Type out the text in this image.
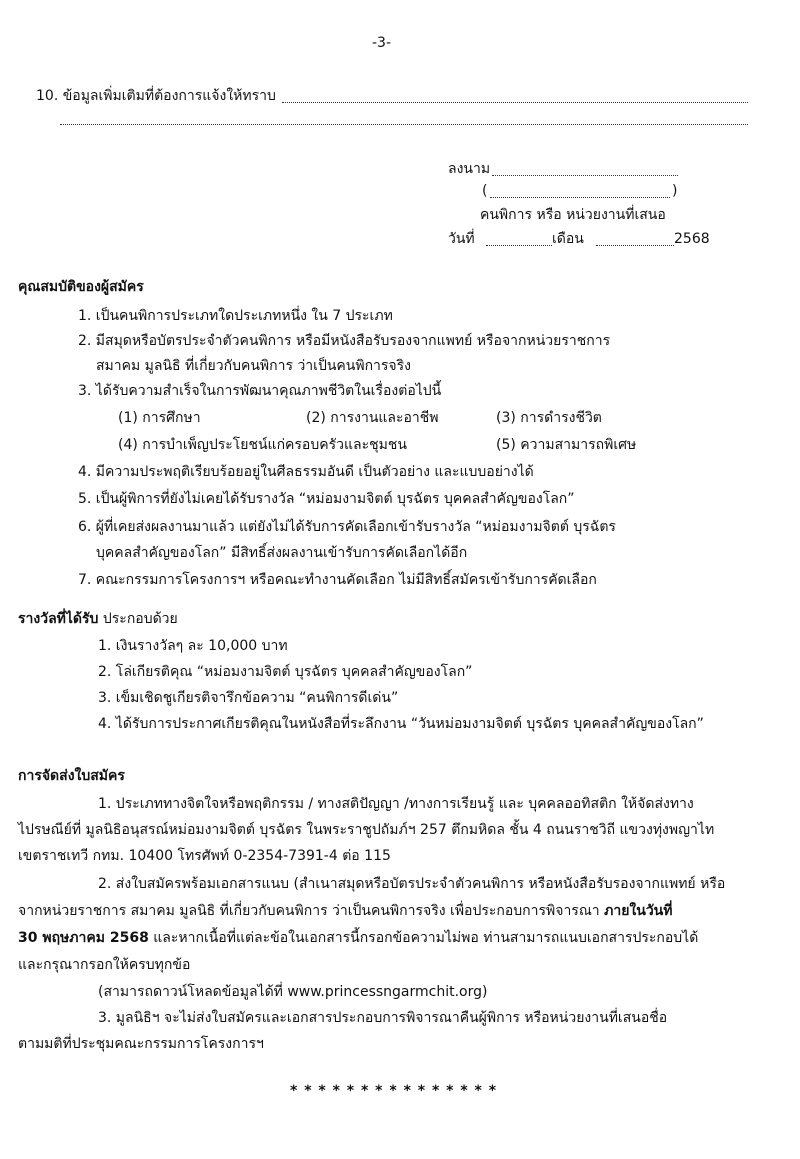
-3-
10. ข้อมูลเพิ่มเติมที่ต้องการแจ้งให้ทราบ
ลงนาม
(	)
คนพิการ หรือ หน่วยงานที่เสนอ
วันที่	เดือน	2568
คุณสมบัติของผู้สมัคร
1. เป็นคนพิการประเภทใดประเภทหนึ่ง ใน 7 ประเภท
2. มีสมุดหรือบัตรประจำตัวคนพิการ หรือมีหนังสือรับรองจากแพทย์ หรือจากหน่วยราชการ
สมาคม มูลนิธิ ที่เกี่ยวกับคนพิการ ว่าเป็นคนพิการจริง
3. ได้รับความสำเร็จในการพัฒนาคุณภาพชีวิตในเรื่องต่อไปนี้
(1) การศึกษา	(2) การงานและอาชีพ	(3) การดำรงชีวิต
(4) การบำเพ็ญประโยชน์แก่ครอบครัวและชุมชน	(5) ความสามารถพิเศษ
4. มีความประพฤติเรียบร้อยอยู่ในศีลธรรมอันดี เป็นตัวอย่าง และแบบอย่างได้
5. เป็นผู้พิการที่ยังไม่เคยได้รับรางวัล “หม่อมงามจิตต์ บุรฉัตร บุคคลสำคัญของโลก”
6. ผู้ที่เคยส่งผลงานมาแล้ว แต่ยังไม่ได้รับการคัดเลือกเข้ารับรางวัล “หม่อมงามจิตต์ บุรฉัตร
บุคคลสำคัญของโลก” มีสิทธิ์ส่งผลงานเข้ารับการคัดเลือกได้อีก
7. คณะกรรมการโครงการฯ หรือคณะทำงานคัดเลือก ไม่มีสิทธิ์สมัครเข้ารับการคัดเลือก
รางวัลที่ได้รับ ประกอบด้วย
1. เงินรางวัลๆ ละ 10,000 บาท
2. โล่เกียรติคุณ “หม่อมงามจิตต์ บุรฉัตร บุคคลสำคัญของโลก”
3. เข็มเชิดชูเกียรติจารึกข้อความ “คนพิการดีเด่น”
4. ได้รับการประกาศเกียรติคุณในหนังสือที่ระลึกงาน “วันหม่อมงามจิตต์ บุรฉัตร บุคคลสำคัญของโลก”
การจัดส่งใบสมัคร
1. ประเภททางจิตใจหรือพฤติกรรม / ทางสติปัญญา /ทางการเรียนรู้ และ บุคคลออทิสติก ให้จัดส่งทาง
ไปรษณีย์ที่ มูลนิธิอนุสรณ์หม่อมงามจิตต์ บุรฉัตร ในพระราชูปถัมภ์ฯ 257 ตึกมหิดล ชั้น 4 ถนนราชวิถี แขวงทุ่งพญาไท
เขตราชเทวี กทม. 10400 โทรศัพท์ 0-2354-7391-4 ต่อ 115
2. ส่งใบสมัครพร้อมเอกสารแนบ (สำเนาสมุดหรือบัตรประจำตัวคนพิการ หรือหนังสือรับรองจากแพทย์ หรือ
จากหน่วยราชการ สมาคม มูลนิธิ ที่เกี่ยวกับคนพิการ ว่าเป็นคนพิการจริง เพื่อประกอบการพิจารณา ภายในวันที่
30 พฤษภาคม 2568 และหากเนื้อที่แต่ละข้อในเอกสารนี้กรอกข้อความไม่พอ ท่านสามารถแนบเอกสารประกอบได้
และกรุณากรอกให้ครบทุกข้อ
(สามารถดาวน์โหลดข้อมูลได้ที่ www.princessngarmchit.org)
3. มูลนิธิฯ จะไม่ส่งใบสมัครและเอกสารประกอบการพิจารณาคืนผู้พิการ หรือหน่วยงานที่เสนอชื่อ
ตามมติที่ประชุมคณะกรรมการโครงการฯ
* * * * * * * * * * * * * * *
